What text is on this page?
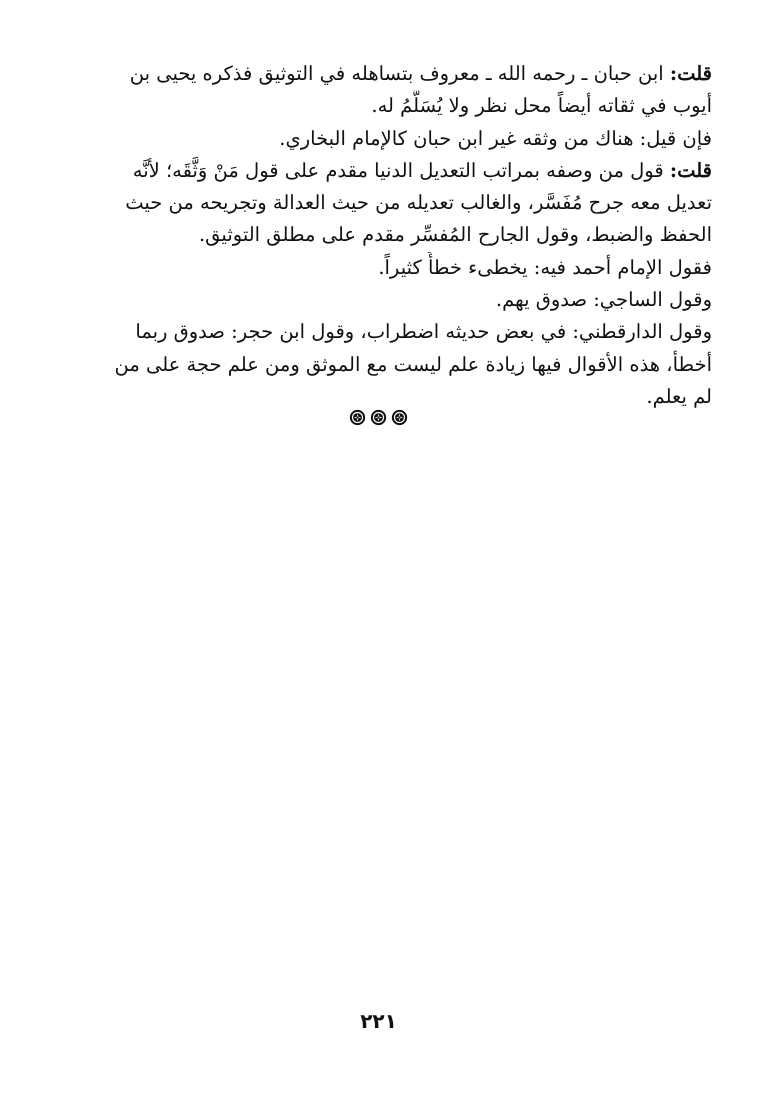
قلت: ابن حبان ـ رحمه الله ـ معروف بتساهله في التوثيق فذكره يحيى بن
أيوب في ثقاته أيضاً محل نظر ولا يُسَلَّمُ له.
فإن قيل: هناك من وثقه غير ابن حبان كالإمام البخاري.
قلت: قول من وصفه بمراتب التعديل الدنيا مقدم على قول مَنْ وَثَّقَه؛ لأنَّه
تعديل معه جرح مُفَسَّر، والغالب تعديله من حيث العدالة وتجريحه من حيث
الحفظ والضبط، وقول الجارح المُفسِّر مقدم على مطلق التوثيق.
فقول الإمام أحمد فيه: يخطىء خطأً كثيراً.
وقول الساجي: صدوق يهم.
وقول الدارقطني: في بعض حديثه اضطراب، وقول ابن حجر: صدوق ربما
أخطأ، هذه الأقوال فيها زيادة علم ليست مع الموثق ومن علم حجة على من
لم يعلم.

٢٢١
